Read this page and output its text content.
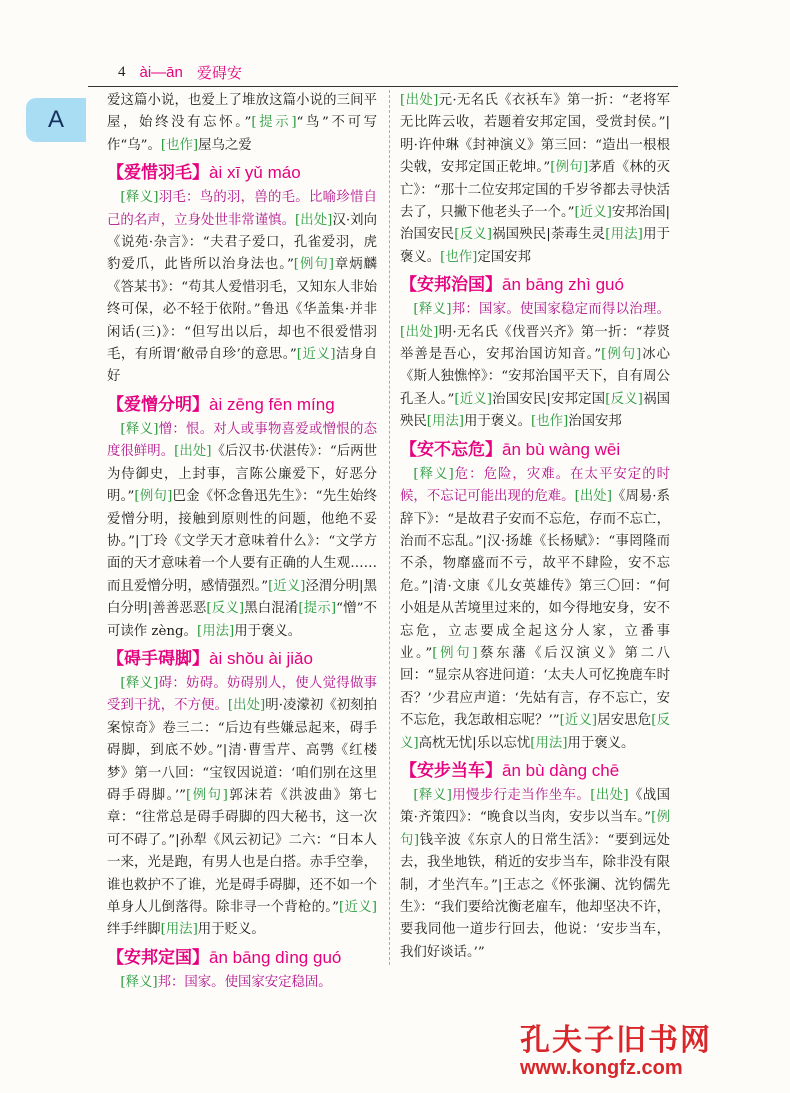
4 ài—ān 爱碍安
A

爱这篇小说，也爱上了堆放这篇小说的三间平屋，始终没有忘怀。”[提示]“鸟”不可写作“乌”。[也作]屋乌之爱

【爱惜羽毛】ài xī yǔ máo

[释义]羽毛：鸟的羽，兽的毛。比喻珍惜自己的名声，立身处世非常谨慎。[出处]汉·刘向《说苑·杂言》：“夫君子爱口，孔雀爱羽，虎豹爱爪，此皆所以治身法也。”[例句]章炳麟《答某书》：“苟其人爱惜羽毛，又知东人非始终可保，必不轻于依附。”鲁迅《华盖集·并非闲话(三)》：“但写出以后，却也不很爱惜羽毛，有所谓‘敝帚自珍’的意思。”[近义]洁身自好

【爱憎分明】ài zēng fēn míng

[释义]憎：恨。对人或事物喜爱或憎恨的态度很鲜明。[出处]《后汉书·伏湛传》：“后两世为侍御史，上封事，言陈公廉爱下，好恶分明。”[例句]巴金《怀念鲁迅先生》：“先生始终爱憎分明，接触到原则性的问题，他绝不妥协。”|丁玲《文学天才意味着什么》：“文学方面的天才意味着一个人要有正确的人生观……而且爱憎分明，感情强烈。”[近义]泾渭分明|黑白分明|善善恶恶[反义]黑白混淆[提示]“憎”不可读作 zèng。[用法]用于褒义。

【碍手碍脚】ài shǒu ài jiǎo

[释义]碍：妨碍。妨碍别人，使人觉得做事受到干扰，不方便。[出处]明·凌濛初《初刻拍案惊奇》卷三二：“后边有些嫌忌起来，碍手碍脚，到底不妙。”|清·曹雪芹、高鹗《红楼梦》第一八回：“宝钗因说道：‘咱们别在这里碍手碍脚。’”[例句]郭沫若《洪波曲》第七章：“往常总是碍手碍脚的四大秘书，这一次可不碍了。”|孙犁《风云初记》二六：“日本人一来，光是跑，有男人也是白搭。赤手空拳，谁也救护不了谁，光是碍手碍脚，还不如一个单身人儿倒落得。除非寻一个背枪的。”[近义]绊手绊脚[用法]用于贬义。

【安邦定国】ān bāng dìng guó

[释义]邦：国家。使国家安定稳固。

[出处]元·无名氏《衣袄车》第一折：“老将军无比阵云收，若题着安邦定国，受赏封侯。”|明·许仲琳《封神演义》第三回：“造出一根根尖戟，安邦定国正乾坤。”[例句]茅盾《林的灭亡》：“那十二位安邦定国的千岁爷都去寻快活去了，只撇下他老头子一个。”[近义]安邦治国|治国安民[反义]祸国殃民|荼毒生灵[用法]用于褒义。[也作]定国安邦

【安邦治国】ān bāng zhì guó

[释义]邦：国家。使国家稳定而得以治理。[出处]明·无名氏《伐晋兴齐》第一折：“荐贤举善是吾心，安邦治国访知音。”[例句]冰心《斯人独憔悴》：“安邦治国平天下，自有周公孔圣人。”[近义]治国安民|安邦定国[反义]祸国殃民[用法]用于褒义。[也作]治国安邦

【安不忘危】ān bù wàng wēi

[释义]危：危险，灾难。在太平安定的时候，不忘记可能出现的危难。[出处]《周易·系辞下》：“是故君子安而不忘危，存而不忘亡，治而不忘乱。”|汉·扬雄《长杨赋》：“事罔隆而不杀，物靡盛而不亏，故平不肆险，安不忘危。”|清·文康《儿女英雄传》第三〇回：“何小姐是从苦境里过来的，如今得地安身，安不忘危，立志要成全起这分人家，立番事业。”[例句]蔡东藩《后汉演义》第二八回：“显宗从容进问道：‘太夫人可忆挽鹿车时否？’少君应声道：‘先姑有言，存不忘亡，安不忘危，我怎敢相忘呢？’”[近义]居安思危[反义]高枕无忧|乐以忘忧[用法]用于褒义。

【安步当车】ān bù dàng chē

[释义]用慢步行走当作坐车。[出处]《战国策·齐策四》：“晚食以当肉，安步以当车。”[例句]钱辛波《东京人的日常生活》：“要到远处去，我坐地铁，稍近的安步当车，除非没有限制，才坐汽车。”|王志之《怀张澜、沈钧儒先生》：“我们要给沈衡老雇车，他却坚决不许，要我同他一道步行回去，他说：‘安步当车，我们好谈话。’”

孔夫子旧书网
www.kongfz.com
